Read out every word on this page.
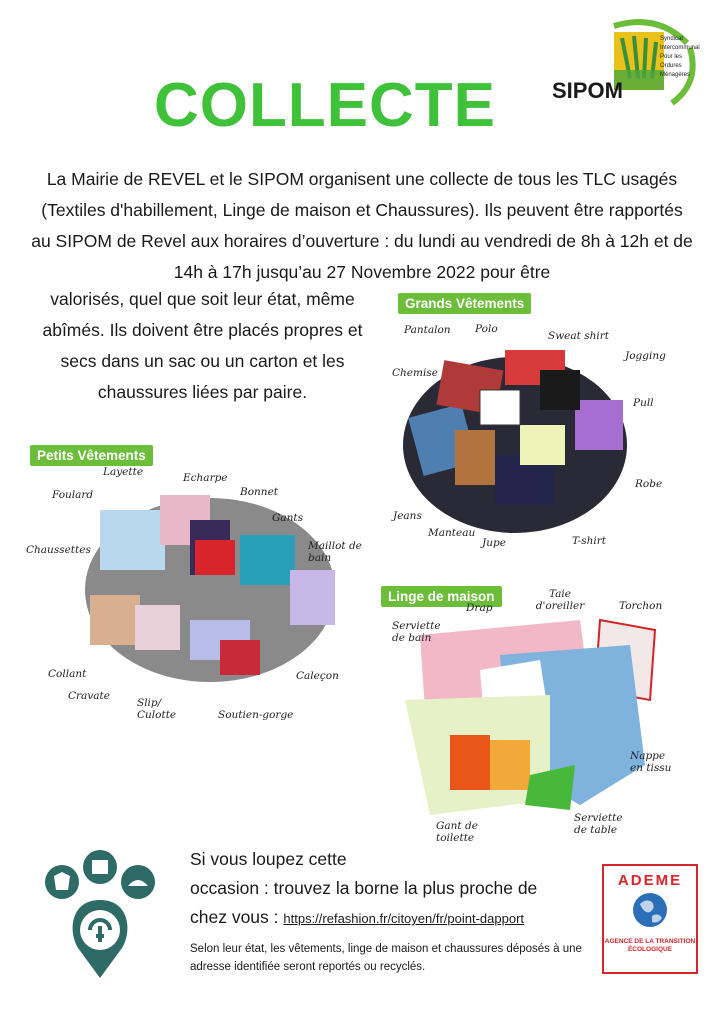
COLLECTE	SIPOM
Syndicat
Intercommunal
Pour les
Ordures
Ménagères
La Mairie de REVEL et le SIPOM organisent une collecte de tous les TLC usagés (Textiles d'habillement, Linge de maison et Chaussures). Ils peuvent être rapportés au SIPOM de Revel aux horaires d’ouverture : du lundi au vendredi de 8h à 12h et de 14h à 17h jusqu’au 27 Novembre 2022 pour être
valorisés, quel que soit leur état, même abîmés. Ils doivent être placés propres et secs dans un sac ou un carton et les chaussures liées par paire.
Grands Vêtements
Pantalon Polo
Sweat shirt
Jogging
Chemise
Pull
Robe
Jeans
Manteau
Jupe	T-shirt
Petits Vêtements
Layette	Echarpe
Foulard	Bonnet
Gants
Chaussettes	Maillot de bain
Collant
Cravate
Slip/ Culotte	Soutien-gorge
Caleçon
Linge de maison	Taie d'oreiller
Drap	Torchon
Serviette de bain
Nappe en tissu
Gant de toilette
Serviette de table
Si vous loupez cette
occasion : trouvez la borne la plus proche de
chez vous : https://refashion.fr/citoyen/fr/point-dapport
Selon leur état, les vêtements, linge de maison et chaussures déposés à une adresse identifiée seront reportés ou recyclés.
ADEME
AGENCE DE LA TRANSITION ÉCOLOGIQUE
